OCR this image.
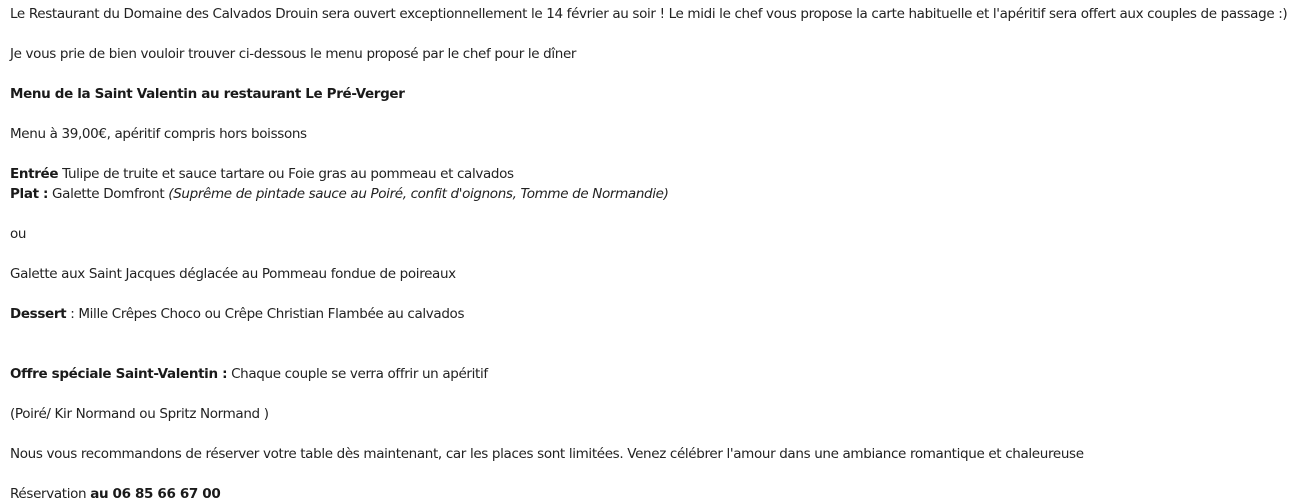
Le Restaurant du Domaine des Calvados Drouin sera ouvert exceptionnellement le 14 février au soir ! Le midi le chef vous propose la carte habituelle et l'apéritif sera offert aux couples de passage :)
Je vous prie de bien vouloir trouver ci-dessous le menu proposé par le chef pour le dîner
Menu de la Saint Valentin au restaurant Le Pré-Verger
Menu à 39,00€, apéritif compris hors boissons
Entrée Tulipe de truite et sauce tartare ou Foie gras au pommeau et calvados
Plat : Galette Domfront (Suprême de pintade sauce au Poiré, confit d'oignons, Tomme de Normandie)
ou
Galette aux Saint Jacques déglacée au Pommeau fondue de poireaux
Dessert : Mille Crêpes Choco ou Crêpe Christian Flambée au calvados
Offre spéciale Saint-Valentin : Chaque couple se verra offrir un apéritif
(Poiré/ Kir Normand ou Spritz Normand )
Nous vous recommandons de réserver votre table dès maintenant, car les places sont limitées. Venez célébrer l'amour dans une ambiance romantique et chaleureuse
Réservation au 06 85 66 67 00
